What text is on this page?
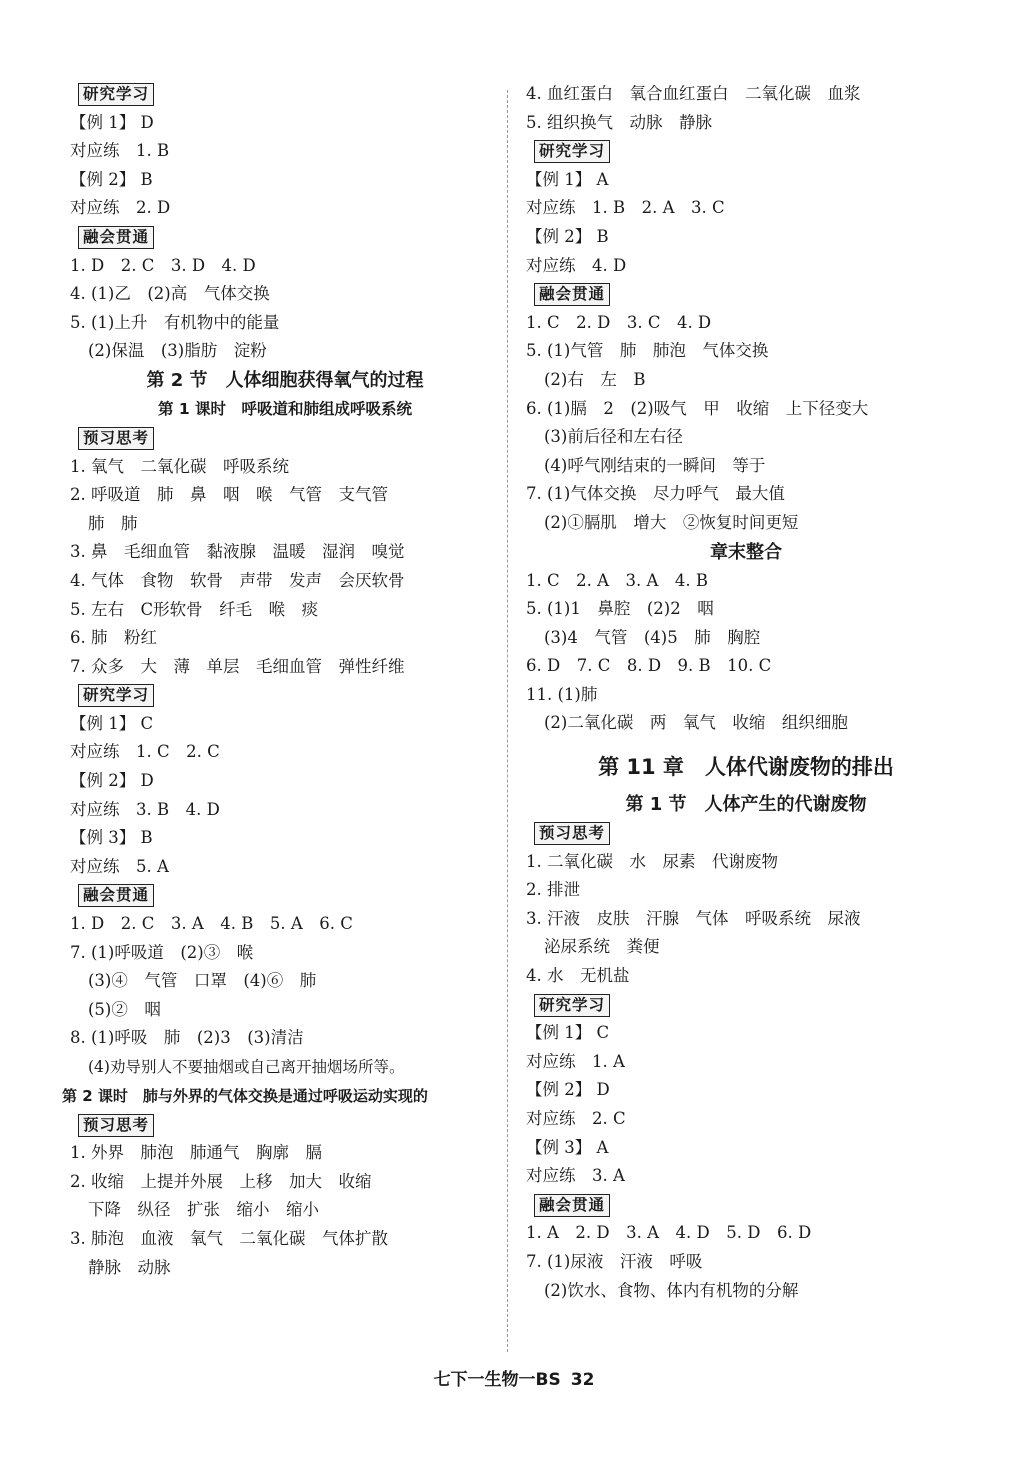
研究学习
【例 1】 D
对应练　1. B
【例 2】 B
对应练　2. D
融会贯通
1. D　2. C　3. D　4. D
4. (1)乙　(2)高　气体交换
5. (1)上升　有机物中的能量
(2)保温　(3)脂肪　淀粉
第 2 节　人体细胞获得氧气的过程
第 1 课时　呼吸道和肺组成呼吸系统
预习思考
1. 氧气　二氧化碳　呼吸系统
2. 呼吸道　肺　鼻　咽　喉　气管　支气管
肺　肺
3. 鼻　毛细血管　黏液腺　温暖　湿润　嗅觉
4. 气体　食物　软骨　声带　发声　会厌软骨
5. 左右　C形软骨　纤毛　喉　痰
6. 肺　粉红
7. 众多　大　薄　单层　毛细血管　弹性纤维
研究学习
【例 1】 C
对应练　1. C　2. C
【例 2】 D
对应练　3. B　4. D
【例 3】 B
对应练　5. A
融会贯通
1. D　2. C　3. A　4. B　5. A　6. C
7. (1)呼吸道　(2)③　喉
(3)④　气管　口罩　(4)⑥　肺
(5)②　咽
8. (1)呼吸　肺　(2)3　(3)清洁
(4)劝导别人不要抽烟或自己离开抽烟场所等。
第 2 课时　肺与外界的气体交换是通过呼吸运动实现的
预习思考
1. 外界　肺泡　肺通气　胸廓　膈
2. 收缩　上提并外展　上移　加大　收缩
下降　纵径　扩张　缩小　缩小
3. 肺泡　血液　氧气　二氧化碳　气体扩散
静脉　动脉
4. 血红蛋白　氧合血红蛋白　二氧化碳　血浆
5. 组织换气　动脉　静脉
研究学习
【例 1】 A
对应练　1. B　2. A　3. C
【例 2】 B
对应练　4. D
融会贯通
1. C　2. D　3. C　4. D
5. (1)气管　肺　肺泡　气体交换
(2)右　左　B
6. (1)膈　2　(2)吸气　甲　收缩　上下径变大
(3)前后径和左右径
(4)呼气刚结束的一瞬间　等于
7. (1)气体交换　尽力呼气　最大值
(2)①膈肌　增大　②恢复时间更短
章末整合
1. C　2. A　3. A　4. B
5. (1)1　鼻腔　(2)2　咽
(3)4　气管　(4)5　肺　胸腔
6. D　7. C　8. D　9. B　10. C
11. (1)肺
(2)二氧化碳　两　氧气　收缩　组织细胞
第 11 章　人体代谢废物的排出
第 1 节　人体产生的代谢废物
预习思考
1. 二氧化碳　水　尿素　代谢废物
2. 排泄
3. 汗液　皮肤　汗腺　气体　呼吸系统　尿液
泌尿系统　粪便
4. 水　无机盐
研究学习
【例 1】 C
对应练　1. A
【例 2】 D
对应练　2. C
【例 3】 A
对应练　3. A
融会贯通
1. A　2. D　3. A　4. D　5. D　6. D
7. (1)尿液　汗液　呼吸
(2)饮水、食物、体内有机物的分解
七下一生物一BS 32
